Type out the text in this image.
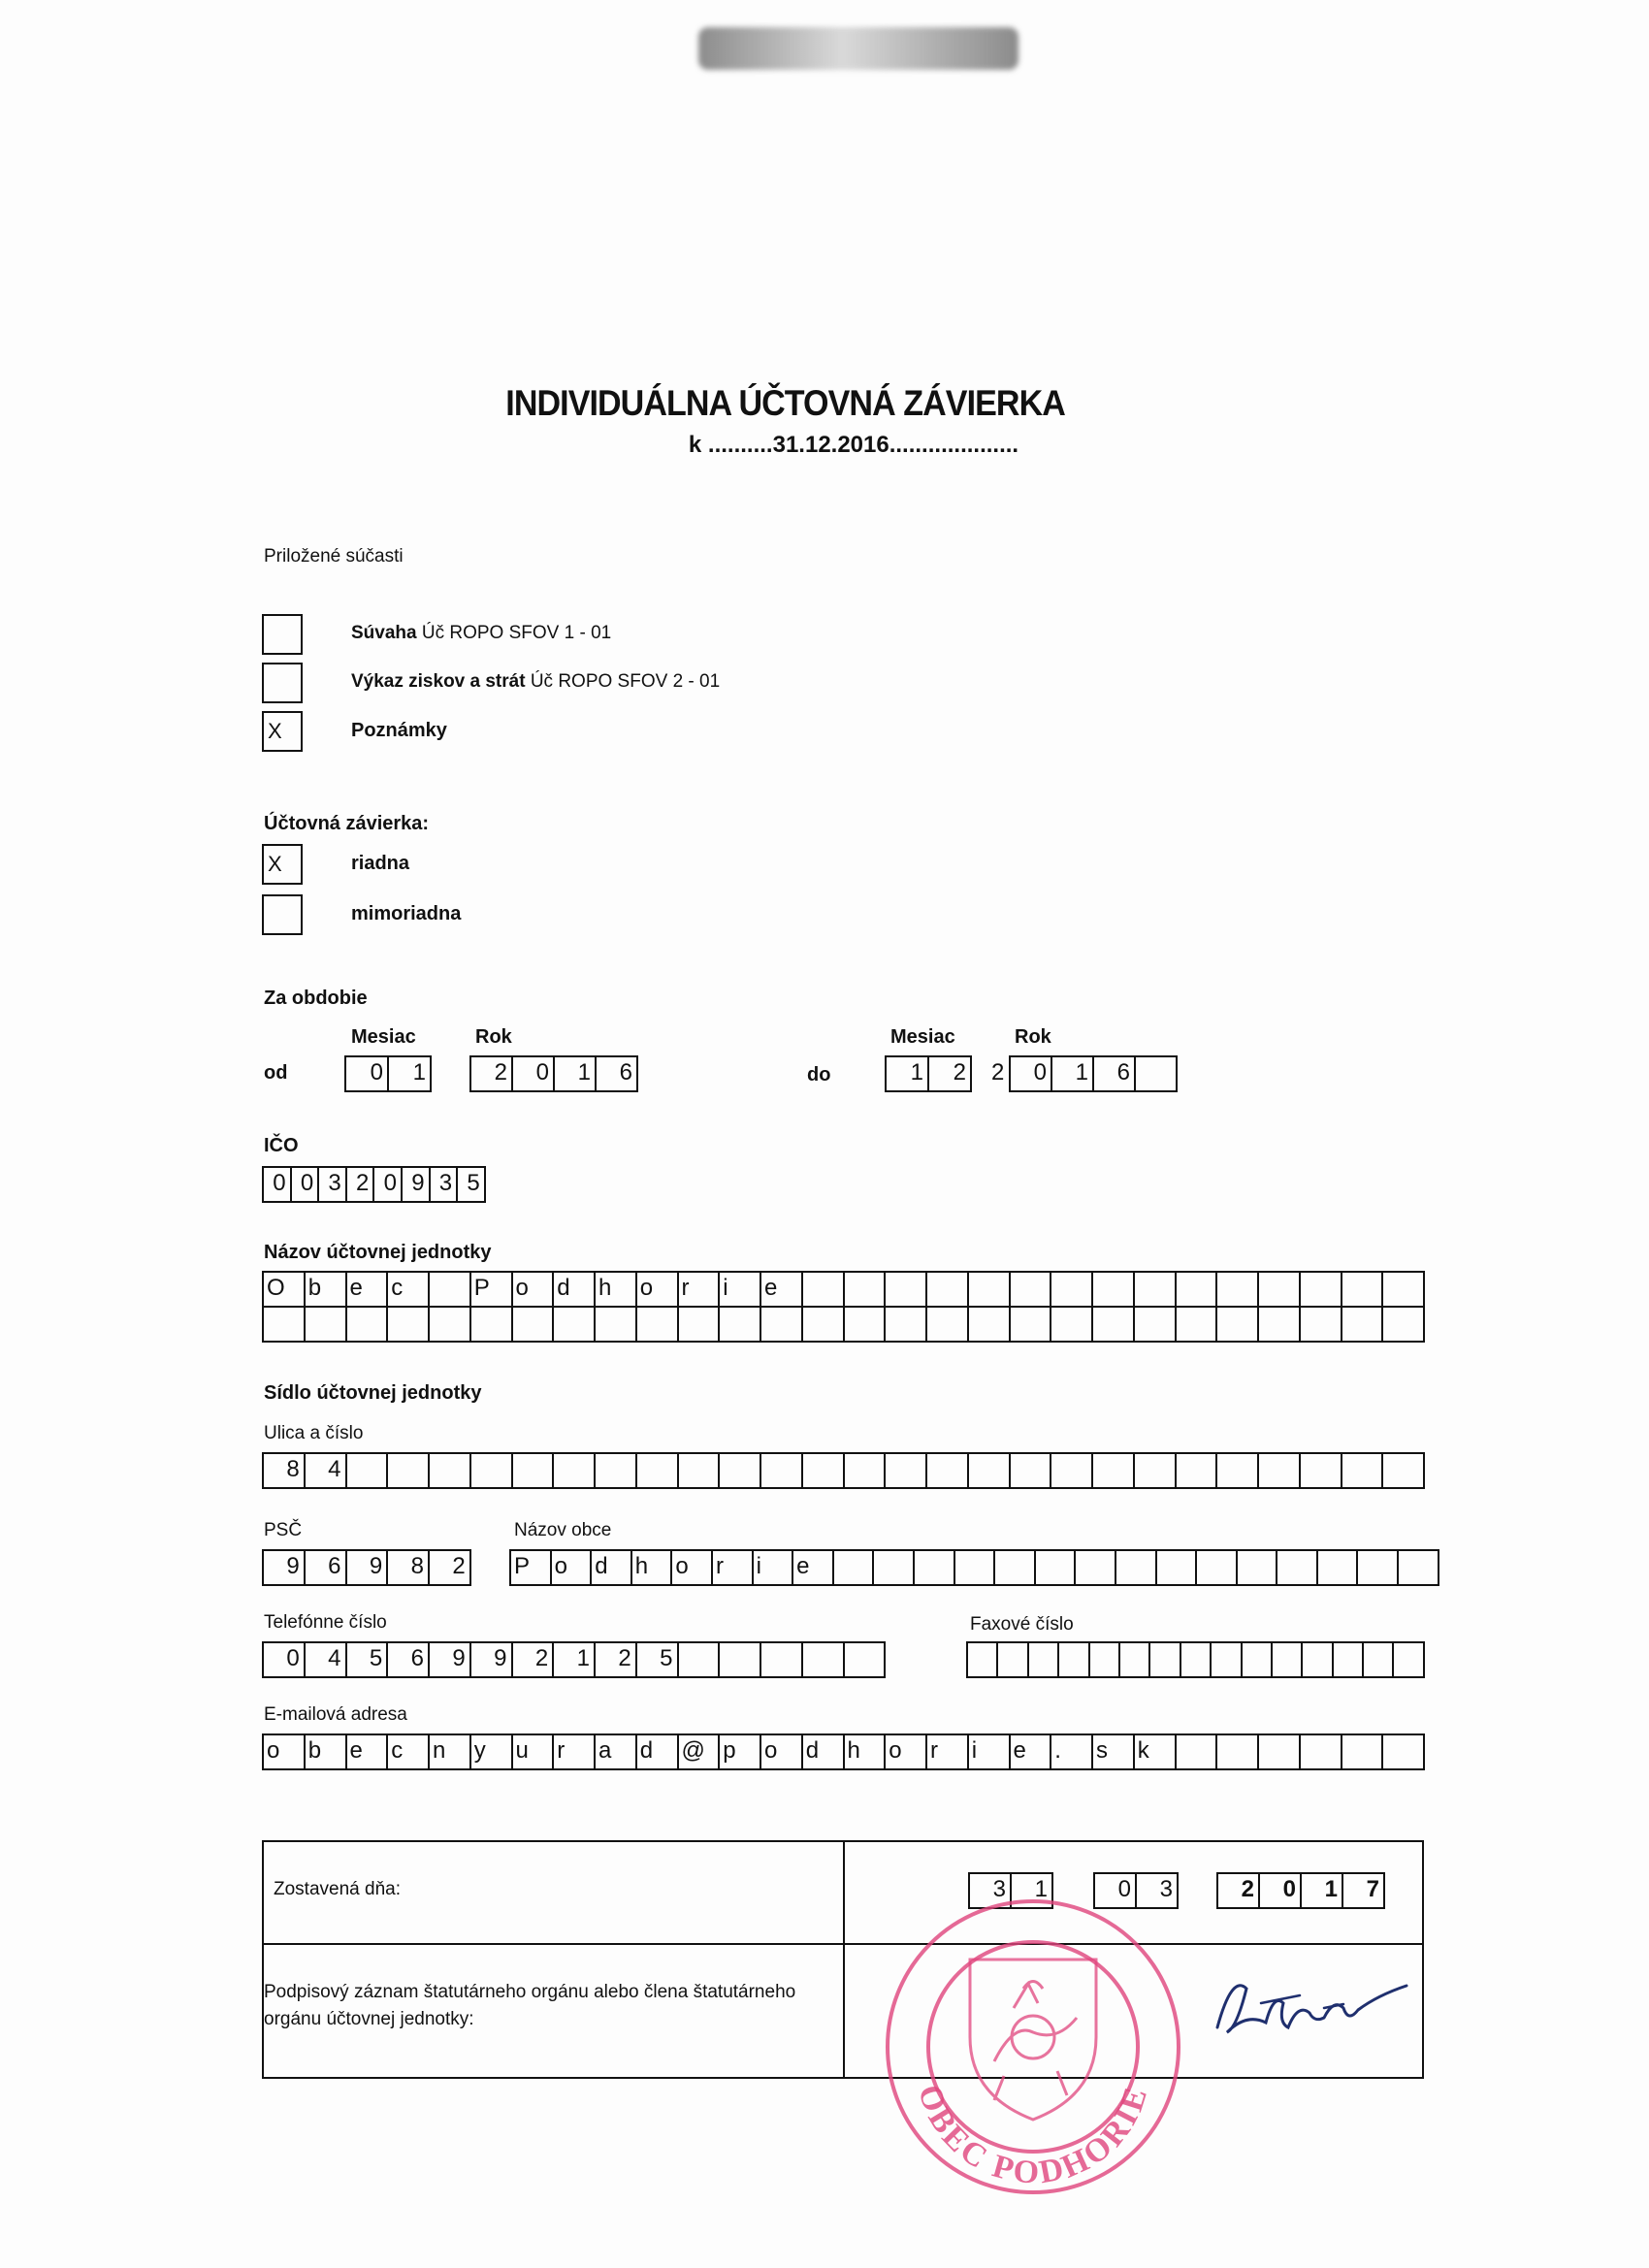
INDIVIDUÁLNA ÚČTOVNÁ ZÁVIERKA
k ..........31.12.2016....................
Priložené súčasti
Súvaha Úč ROPO SFOV 1 - 01
Výkaz ziskov a strát Úč ROPO SFOV 2 - 01
X	Poznámky
Účtovná závierka:
X	riadna
mimoriadna
Za obdobie
Mesiac	Rok	Mesiac	Rok
od	0	1	2	0	1	6	do	1	2 2	0	1	6
IČO
0 0 3 2 0 9 3 5
Názov účtovnej jednotky
O	b	e	c	P	o	d	h	o	r	i	e
Sídlo účtovnej jednotky
Ulica a číslo
8	4
PSČ
9	6	9	8	2
Názov obce
P	o	d	h	o	r	i	e
Telefónne číslo
0	4	5	6	9	9	2	1	2	5
Faxové číslo
E-mailová adresa
o	b	e	c	n	y	u	r	a	d	@ p	o	d	h	o	r	i	e	.	s	k
Zostavená dňa:	3	1	0	3	2	0	1	7
Podpisový záznam štatutárneho orgánu alebo člena štatutárneho orgánu účtovnej jednotky:
OBEC PODHORIE
